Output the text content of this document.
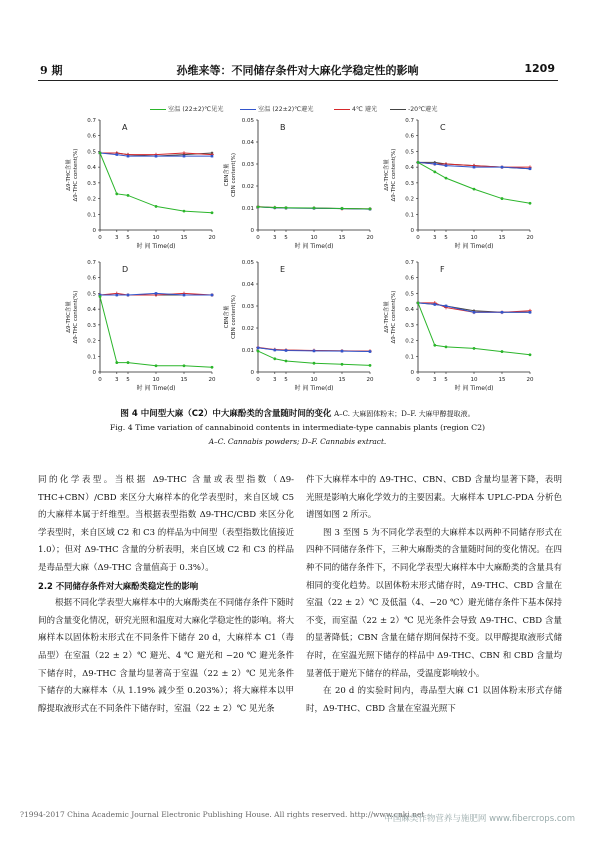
9 期	孙维来等：不同储存条件对大麻化学稳定性的影响	1209
室温 (22±2)℃见光	室温 (22±2)℃避光	4℃ 避光	-20℃避光
A
0
0.1
0.2
0.3
0.4
0.5
0.6
0.7
0 3 5	10	15	20
时 间 Time(d)
Δ9-THC含量 Δ9-THC content(%)
B
0
0.01
0.02
0.03
0.04
0.05
0 3 5	10	15	20
时 间 Time(d)
CBN含量 CBN content(%)
C
0
0.1
0.2
0.3
0.4
0.5
0.6
0.7
0 3 5	10	15	20
时 间 Time(d)
Δ9-THC含量 Δ9-THC content(%)
D
0
0.1
0.2
0.3
0.4
0.5
0.6
0.7
0 3 5	10	15	20
时 间 Time(d)
Δ9-THC含量 Δ9-THC content(%)
E
0
0.01
0.02
0.03
0.04
0.05
0 3 5	10	15	20
时 间 Time(d)
CBN含量 CBN content(%)
F
0
0.1
0.2
0.3
0.4
0.5
0.6
0.7
0 3 5	10	15	20
时 间 Time(d)
Δ9-THC含量 Δ9-THC content(%)
图 4 中间型大麻（C2）中大麻酚类的含量随时间的变化 A–C. 大麻固体粉末；D–F. 大麻甲醇提取液。
Fig. 4 Time variation of cannabinoid contents in intermediate-type cannabis plants (region C2)
A–C. Cannabis powders; D–F. Cannabis extract.

同的化学表型。当根据 Δ9-THC 含量或表型指数（Δ9-THC+CBN）/CBD 来区分大麻样本的化学表型时，来自区域 C5 的大麻样本属于纤维型。当根据表型指数 Δ9-THC/CBD 来区分化学表型时，来自区域 C2 和 C3 的样品为中间型（表型指数比值接近 1.0）；但对 Δ9-THC 含量的分析表明，来自区域 C2 和 C3 的样品是毒品型大麻（Δ9-THC 含量值高于 0.3%）。

2.2 不同储存条件对大麻酚类稳定性的影响

根据不同化学表型大麻样本中的大麻酚类在不同储存条件下随时间的含量变化情况，研究光照和温度对大麻化学稳定性的影响。将大麻样本以固体粉末形式在不同条件下储存 20 d，大麻样本 C1（毒品型）在室温（22 ± 2）℃ 避光、4 ℃ 避光和 −20 ℃ 避光条件下储存时，Δ9-THC 含量均显著高于室温（22 ± 2）℃ 见光条件下储存的大麻样本（从 1.19% 减少至 0.203%）；将大麻样本以甲醇提取液形式在不同条件下储存时，室温（22 ± 2）℃ 见光条

件下大麻样本中的 Δ9-THC、CBN、CBD 含量均显著下降，表明光照是影响大麻化学效力的主要因素。大麻样本 UPLC-PDA 分析色谱图如图 2 所示。

图 3 至图 5 为不同化学表型的大麻样本以两种不同储存形式在四种不同储存条件下，三种大麻酚类的含量随时间的变化情况。在四种不同的储存条件下，不同化学表型大麻样本中大麻酚类的含量具有相同的变化趋势。以固体粉末形式储存时，Δ9-THC、CBD 含量在室温（22 ± 2）℃ 及低温（4、−20 ℃）避光储存条件下基本保持不变，而室温（22 ± 2）℃ 见光条件会导致 Δ9-THC、CBD 含量的显著降低；CBN 含量在储存期间保持不变。以甲醇提取液形式储存时，在室温光照下储存的样品中 Δ9-THC、CBN 和 CBD 含量均显著低于避光下储存的样品，受温度影响较小。

在 20 d 的实验时间内，毒品型大麻 C1 以固体粉末形式存储时，Δ9-THC、CBD 含量在室温光照下

?1994-2017 China Academic Journal Electronic Publishing House. All rights reserved. http://www.cnki.net
中国麻类作物营养与施肥网 www.fibercrops.com
